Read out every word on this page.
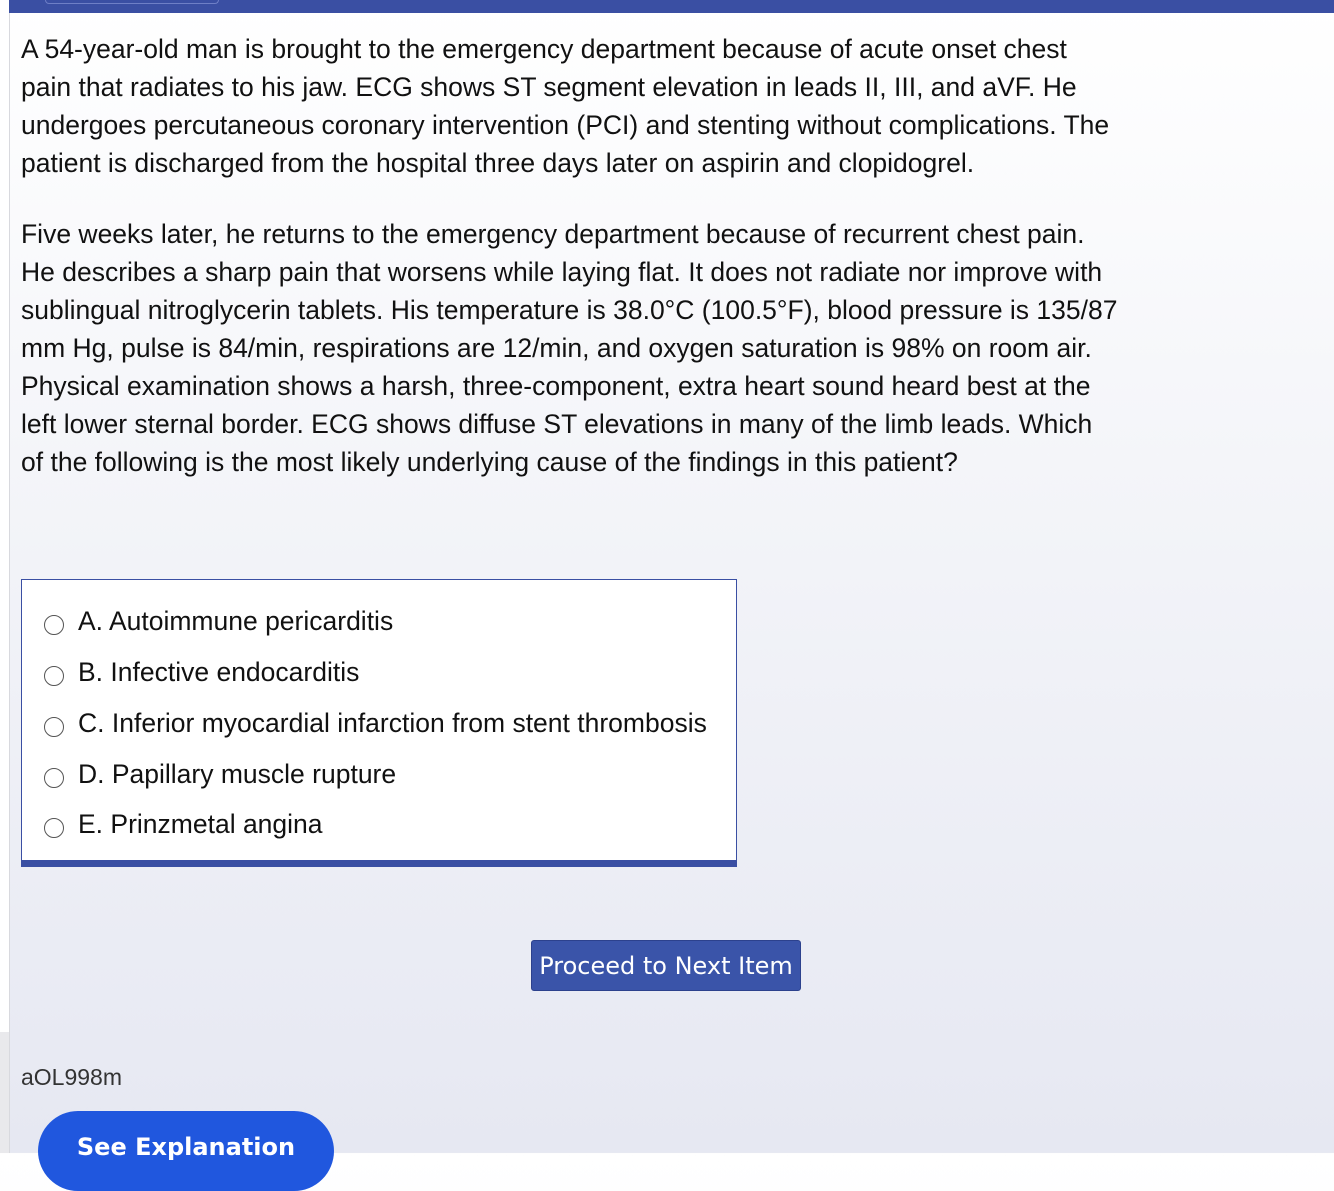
A 54-year-old man is brought to the emergency department because of acute onset chest pain that radiates to his jaw. ECG shows ST segment elevation in leads II, III, and aVF. He undergoes percutaneous coronary intervention (PCI) and stenting without complications. The patient is discharged from the hospital three days later on aspirin and clopidogrel.

Five weeks later, he returns to the emergency department because of recurrent chest pain. He describes a sharp pain that worsens while laying flat. It does not radiate nor improve with sublingual nitroglycerin tablets. His temperature is 38.0°C (100.5°F), blood pressure is 135/87 mm Hg, pulse is 84/min, respirations are 12/min, and oxygen saturation is 98% on room air. Physical examination shows a harsh, three-component, extra heart sound heard best at the left lower sternal border. ECG shows diffuse ST elevations in many of the limb leads. Which of the following is the most likely underlying cause of the findings in this patient?

A. Autoimmune pericarditis
B. Infective endocarditis
C. Inferior myocardial infarction from stent thrombosis
D. Papillary muscle rupture
E. Prinzmetal angina
Proceed to Next Item
aOL998m
See Explanation
